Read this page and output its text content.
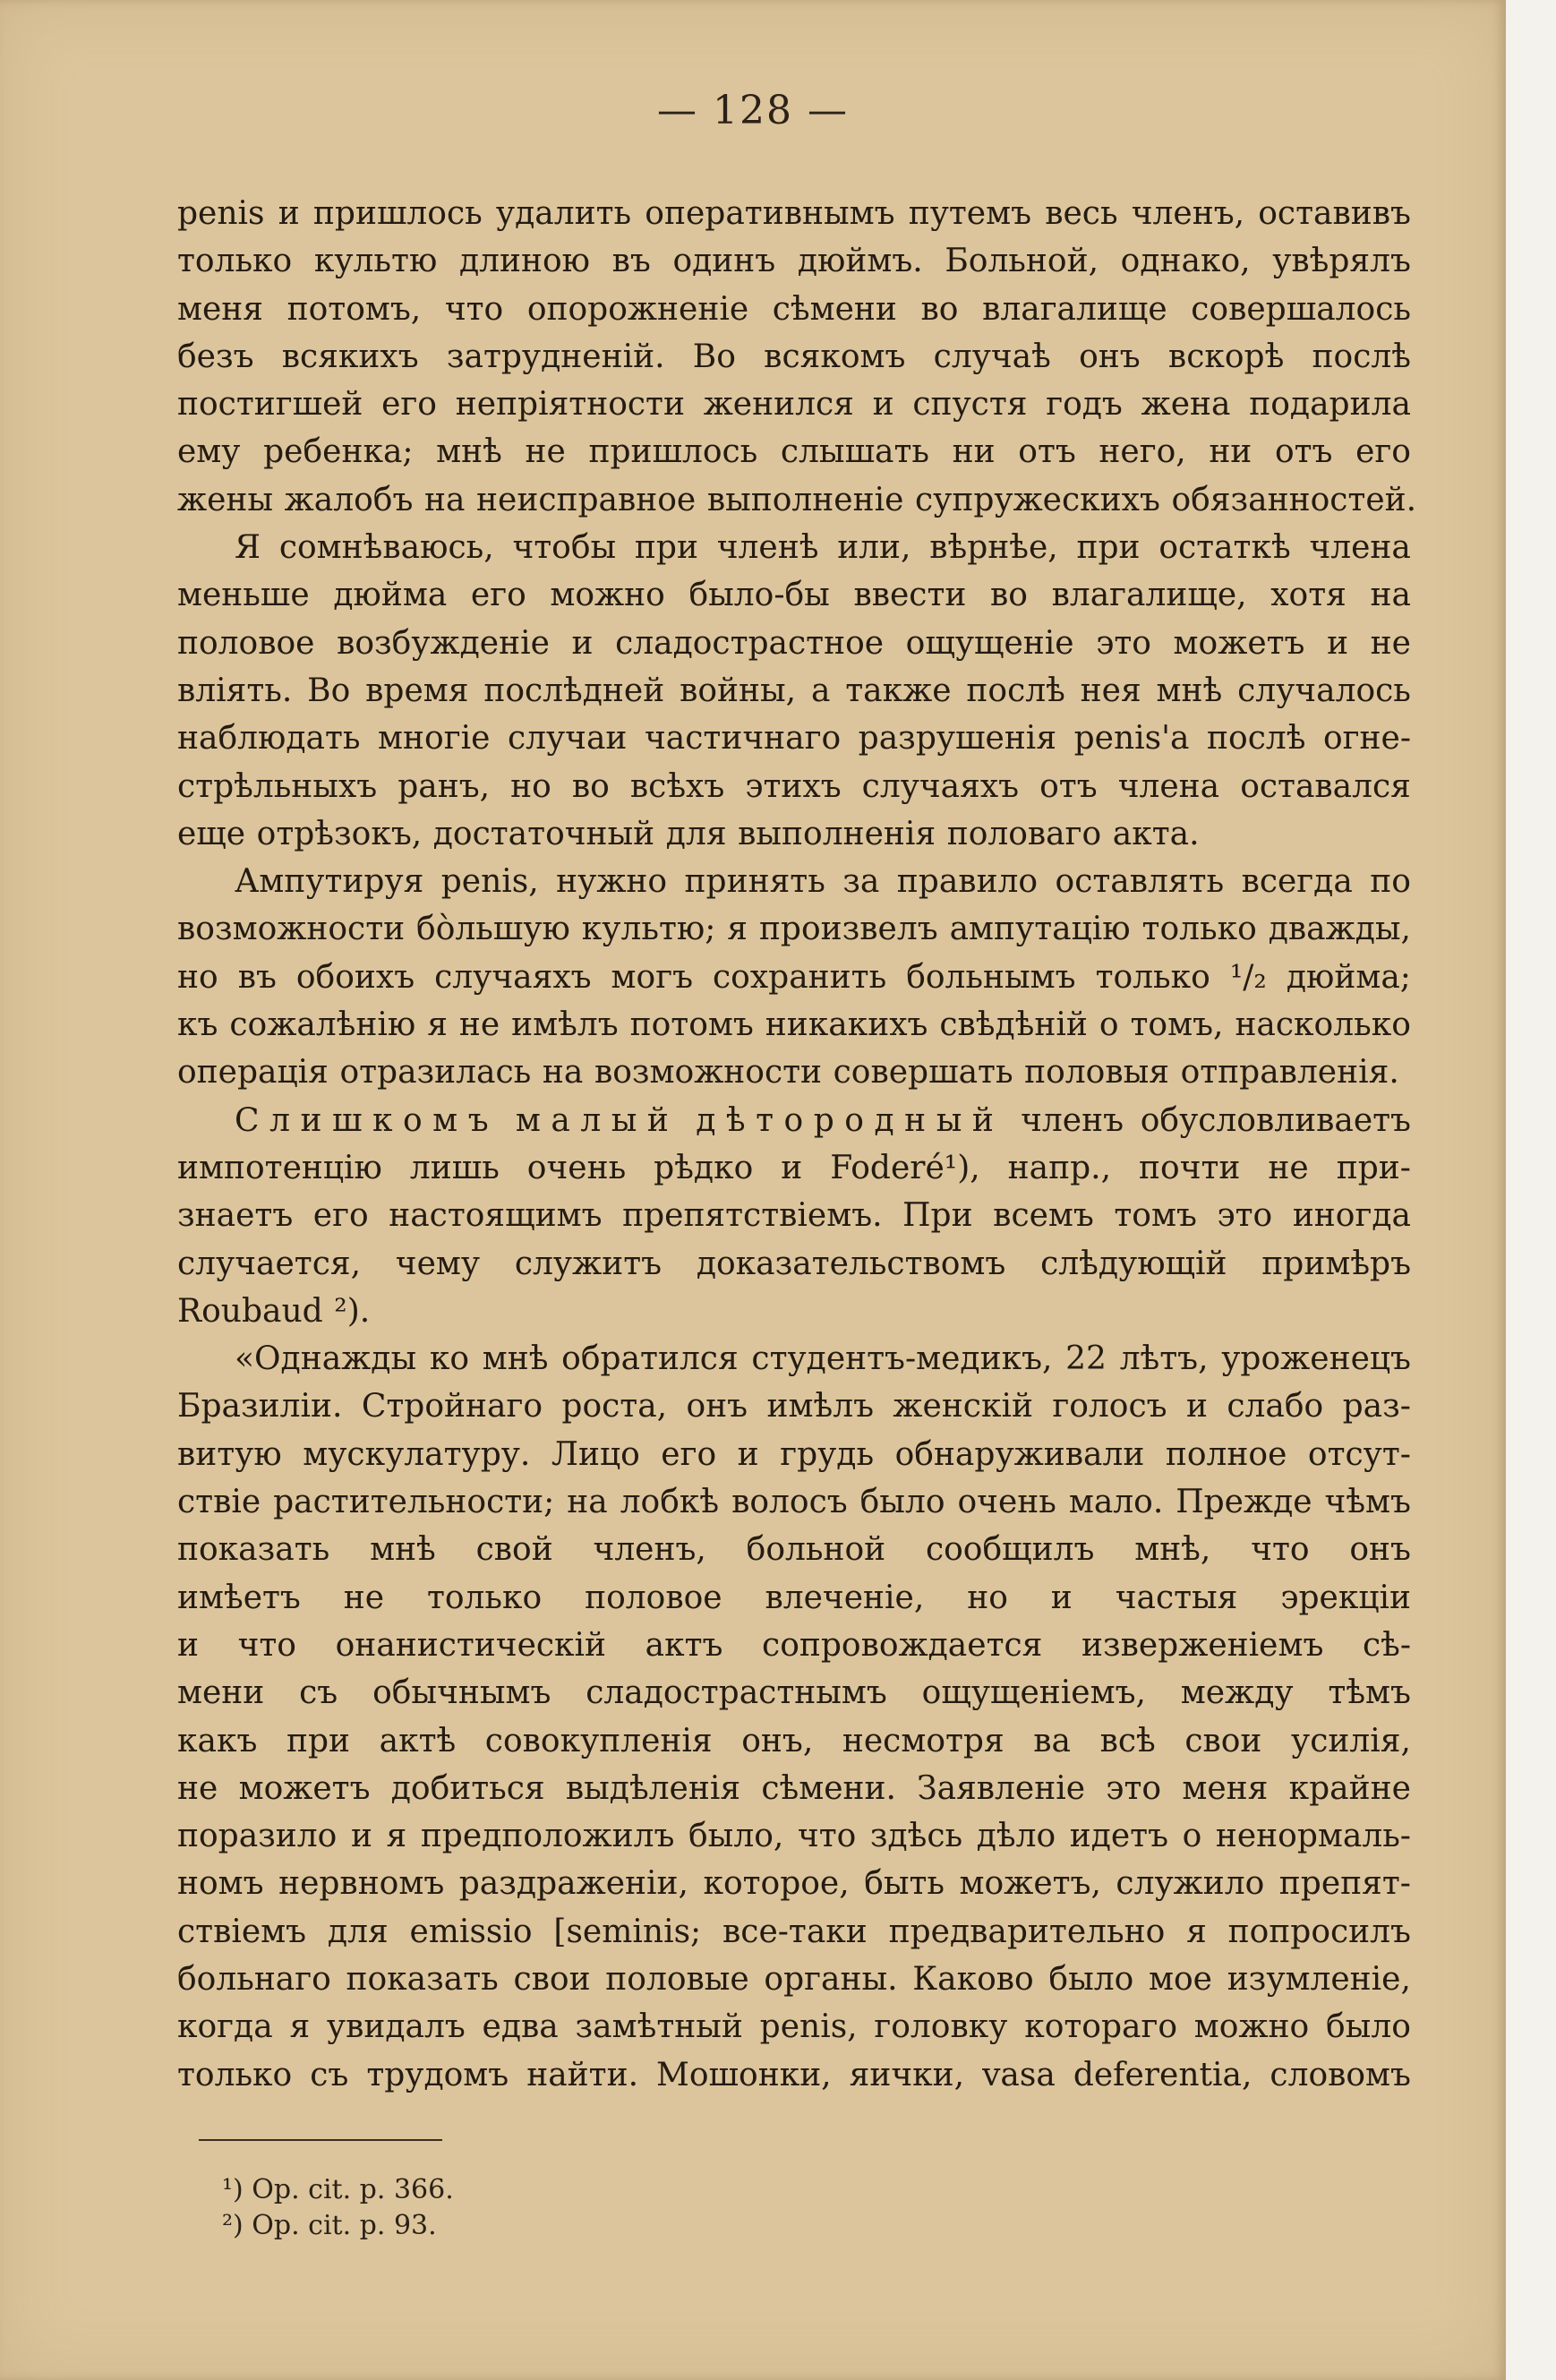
— 128 —
penis и пришлось удалить оперативнымъ путемъ весь членъ, оставивъ
только культю длиною въ одинъ дюймъ. Больной, однако, увѣрялъ
меня потомъ, что опорожненіе сѣмени во влагалище совершалось
безъ всякихъ затрудненій. Во всякомъ случаѣ онъ вскорѣ послѣ
постигшей его непріятности женился и спустя годъ жена подарила
ему ребенка; мнѣ не пришлось слышать ни отъ него, ни отъ его
жены жалобъ на неисправное выполненіе супружескихъ обязанностей.
Я сомнѣваюсь, чтобы при членѣ или, вѣрнѣе, при остаткѣ члена
меньше дюйма его можно было-бы ввести во влагалище, хотя на
половое возбужденіе и сладострастное ощущеніе это можетъ и не
влiять. Во время послѣдней войны, а также послѣ нея мнѣ случалось
наблюдать многіе случаи частичнаго разрушенія penis'а послѣ огне-
стрѣльныхъ ранъ, но во всѣхъ этихъ случаяхъ отъ члена оставался
еще отрѣзокъ, достаточный для выполненія половаго акта.
Ампутируя penis, нужно принять за правило оставлять всегда по
возможности бо̀льшую культю; я произвелъ ампутацію только дважды,
но въ обоихъ случаяхъ могъ сохранить больнымъ только ¹/₂ дюйма;
къ сожалѣнію я не имѣлъ потомъ никакихъ свѣдѣній о томъ, насколько
операція отразилась на возможности совершать половыя отправленія.
Слишкомъ малый дѣтородный членъ обусловливаетъ
импотенцію лишь очень рѣдко и Foderé¹), напр., почти не при-
знаетъ его настоящимъ препятствіемъ. При всемъ томъ это иногда
случается, чему служитъ доказательствомъ слѣдующій примѣръ
Roubaud ²).
«Однажды ко мнѣ обратился студентъ-медикъ, 22 лѣтъ, уроженецъ
Бразиліи. Стройнаго роста, онъ имѣлъ женскій голосъ и слабо раз-
витую мускулатуру. Лицо его и грудь обнаруживали полное отсут-
ствіе растительности; на лобкѣ волосъ было очень мало. Прежде чѣмъ
показать мнѣ свой членъ, больной сообщилъ мнѣ, что онъ
имѣетъ не только половое влеченіе, но и частыя эрекціи
и что онанистическій актъ сопровождается изверженіемъ сѣ-
мени съ обычнымъ сладострастнымъ ощущеніемъ, между тѣмъ
какъ при актѣ совокупленія онъ, несмотря ва всѣ свои усилія,
не можетъ добиться выдѣленія сѣмени. Заявленіе это меня крайне
поразило и я предположилъ было, что здѣсь дѣло идетъ о ненормаль-
номъ нервномъ раздраженіи, которое, быть можетъ, служило препят-
ствіемъ для emissio [seminis; все-таки предварительно я попросилъ
больнаго показать свои половые органы. Каково было мое изумленіе,
когда я увидалъ едва замѣтный penis, головку котораго можно было
только съ трудомъ найти. Мошонки, яички, vasa deferentia, словомъ
¹) Op. cit. p. 366.
²) Op. cit. p. 93.
